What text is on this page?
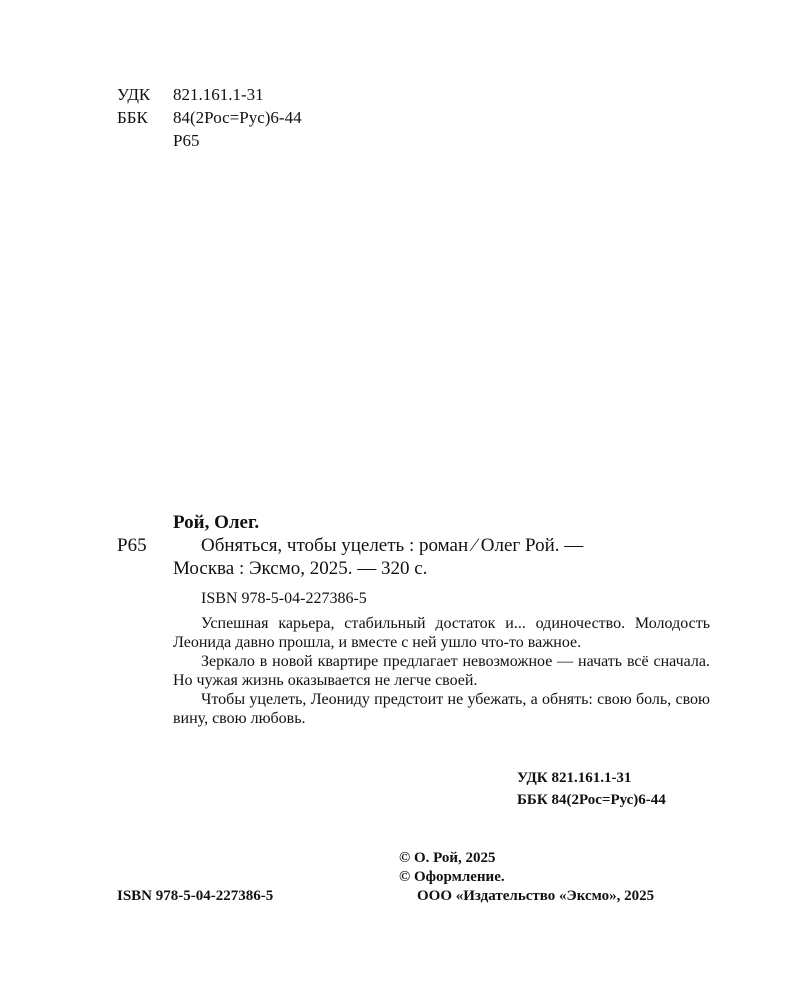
УДК 821.161.1-31
ББК 84(2Рос=Рус)6-44
Р65
Рой, Олег.
Р65	Обняться, чтобы уцелеть : роман ⁄ Олег Рой. —
Москва : Эксмо, 2025. — 320 с.
ISBN 978-5-04-227386-5

Успешная карьера, стабильный достаток и... одиночество. Молодость Леонида давно прошла, и вместе с ней ушло что-то важное.

Зеркало в новой квартире предлагает невозможное — начать всё сначала. Но чужая жизнь оказывается не легче своей.

Чтобы уцелеть, Леониду предстоит не убежать, а обнять: свою боль, свою вину, свою любовь.

УДК 821.161.1-31
ББК 84(2Рос=Рус)6-44
© О. Рой, 2025
© Оформление.
ISBN 978-5-04-227386-5	ООО «Издательство «Эксмо», 2025
